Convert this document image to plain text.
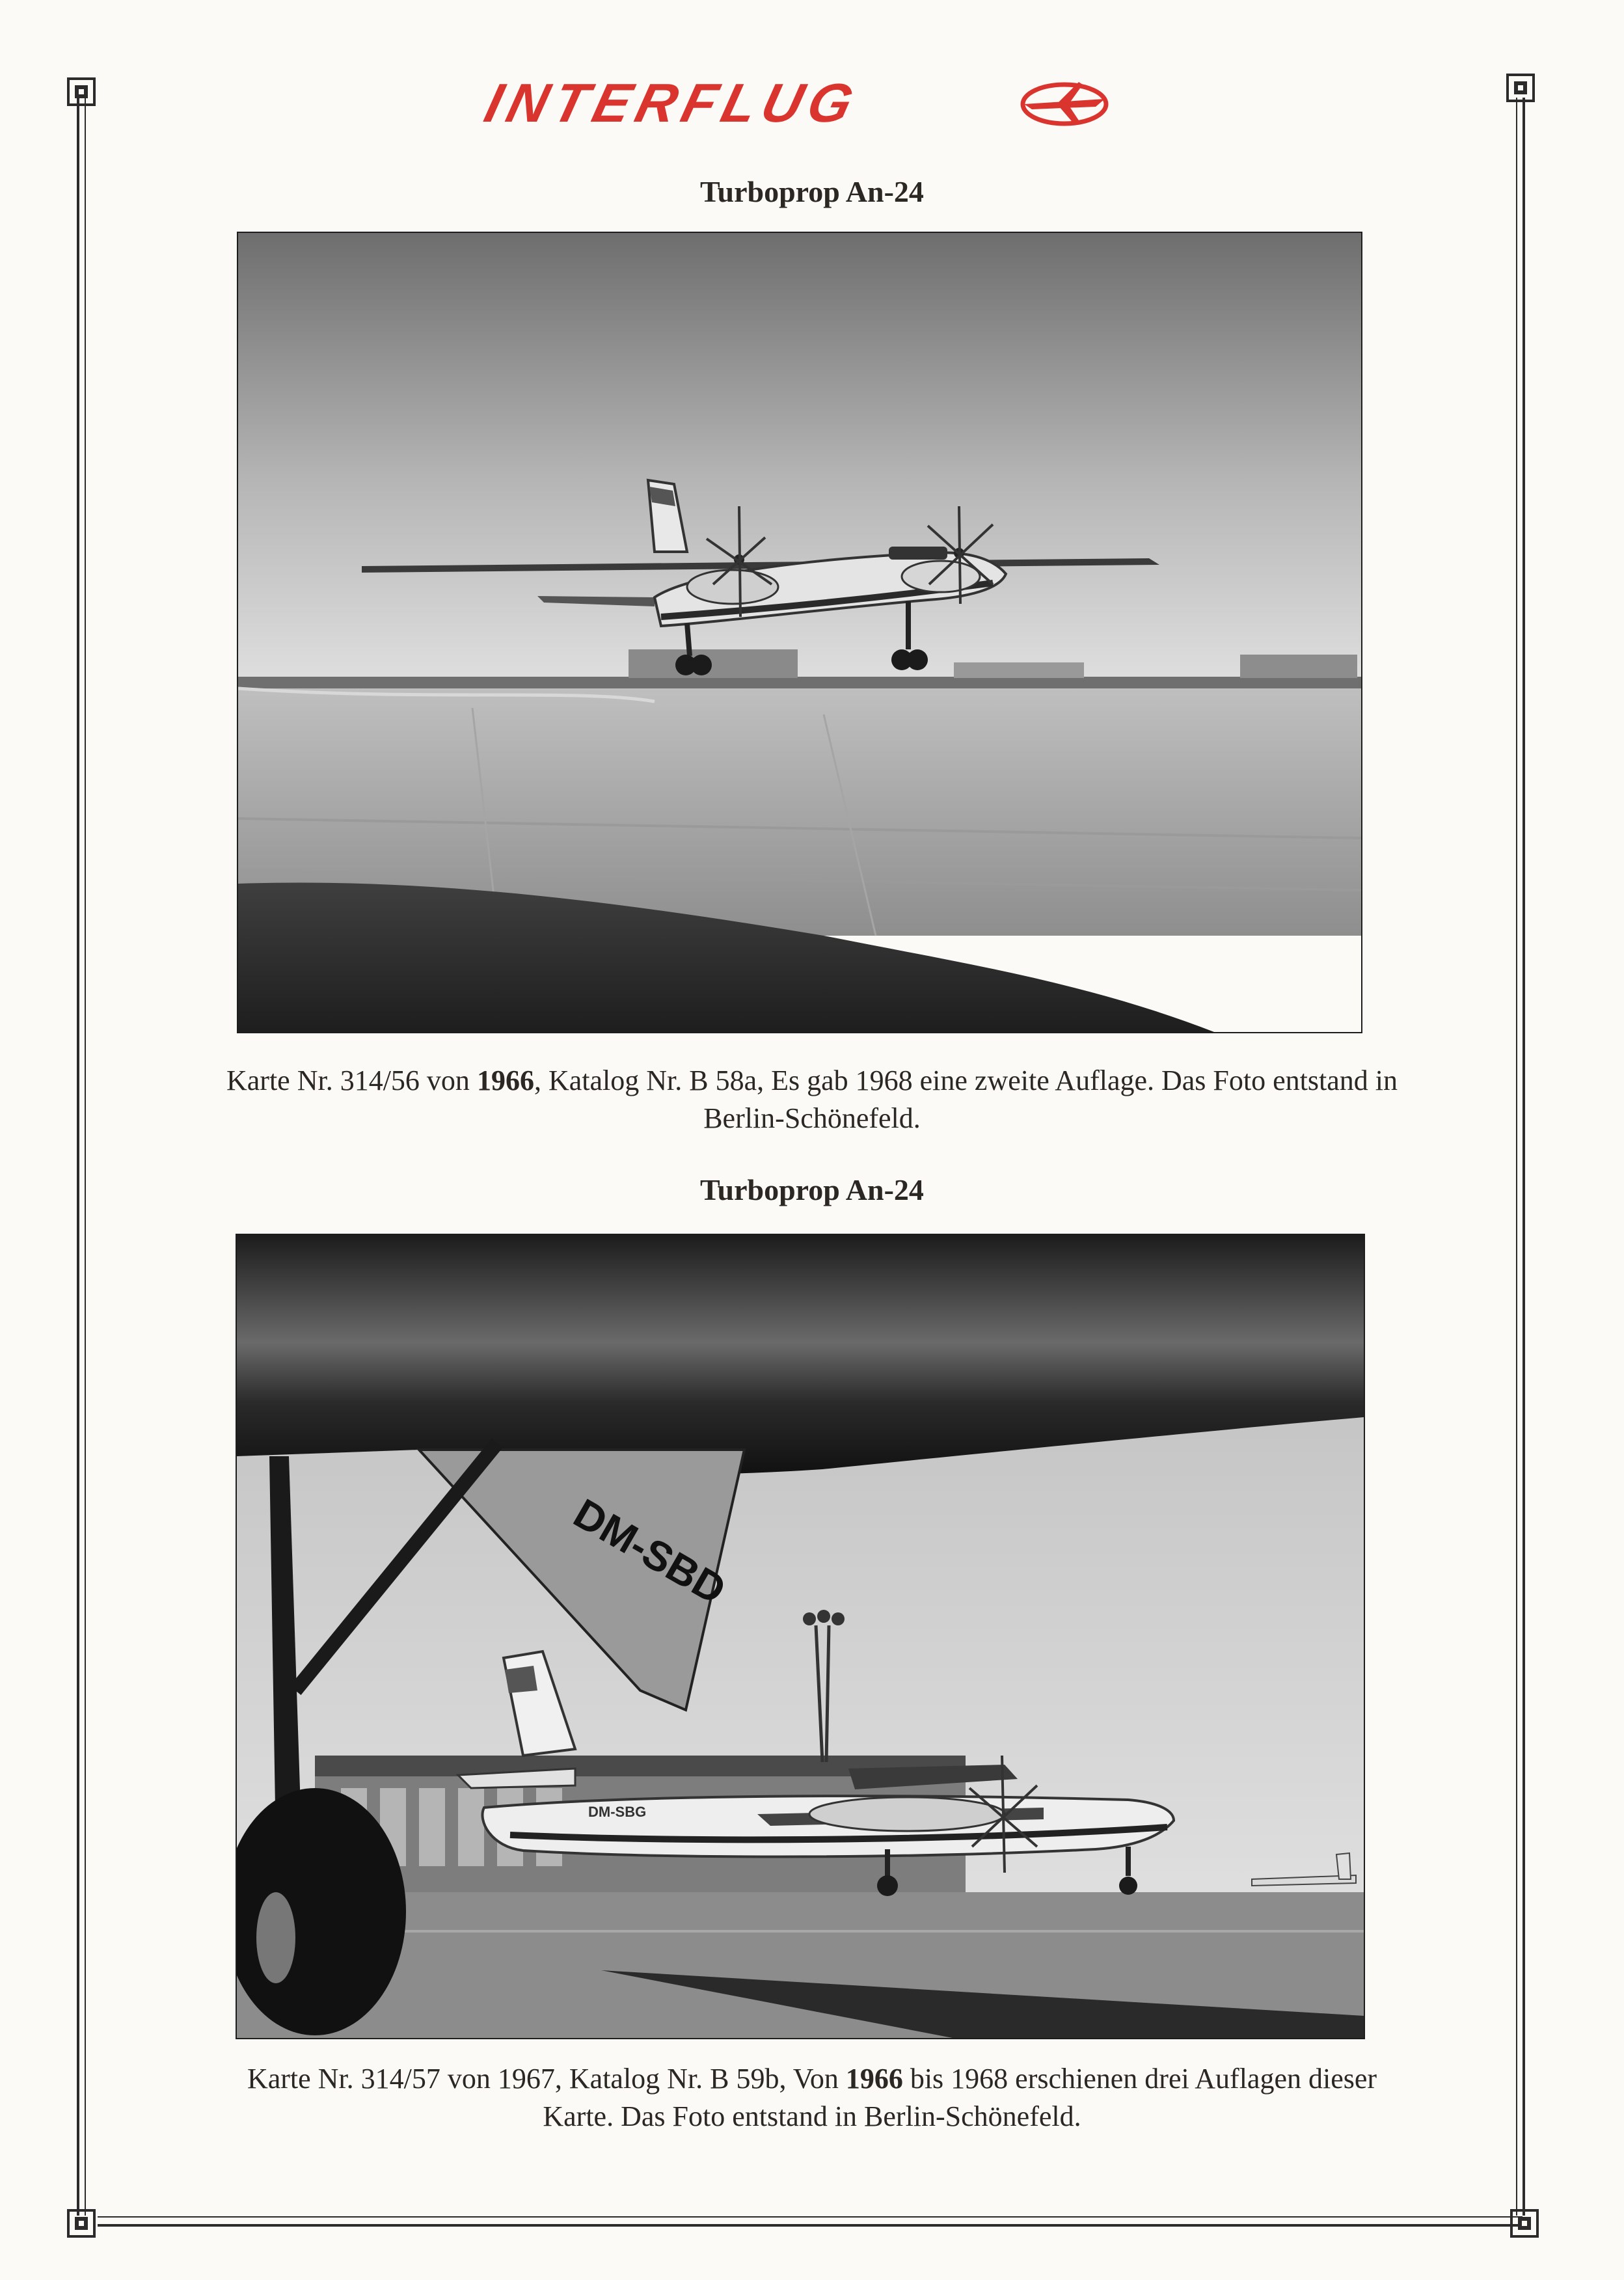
INTERFLUG
Turboprop An-24
Karte Nr. 314/56 von 1966, Katalog Nr. B 58a, Es gab 1968 eine zweite Auflage. Das Foto entstand in
Berlin-Schönefeld.
Turboprop An-24
DM-SBG
DM-SBD
Karte Nr. 314/57 von 1967, Katalog Nr. B 59b, Von 1966 bis 1968 erschienen drei Auflagen dieser
Karte. Das Foto entstand in Berlin-Schönefeld.
